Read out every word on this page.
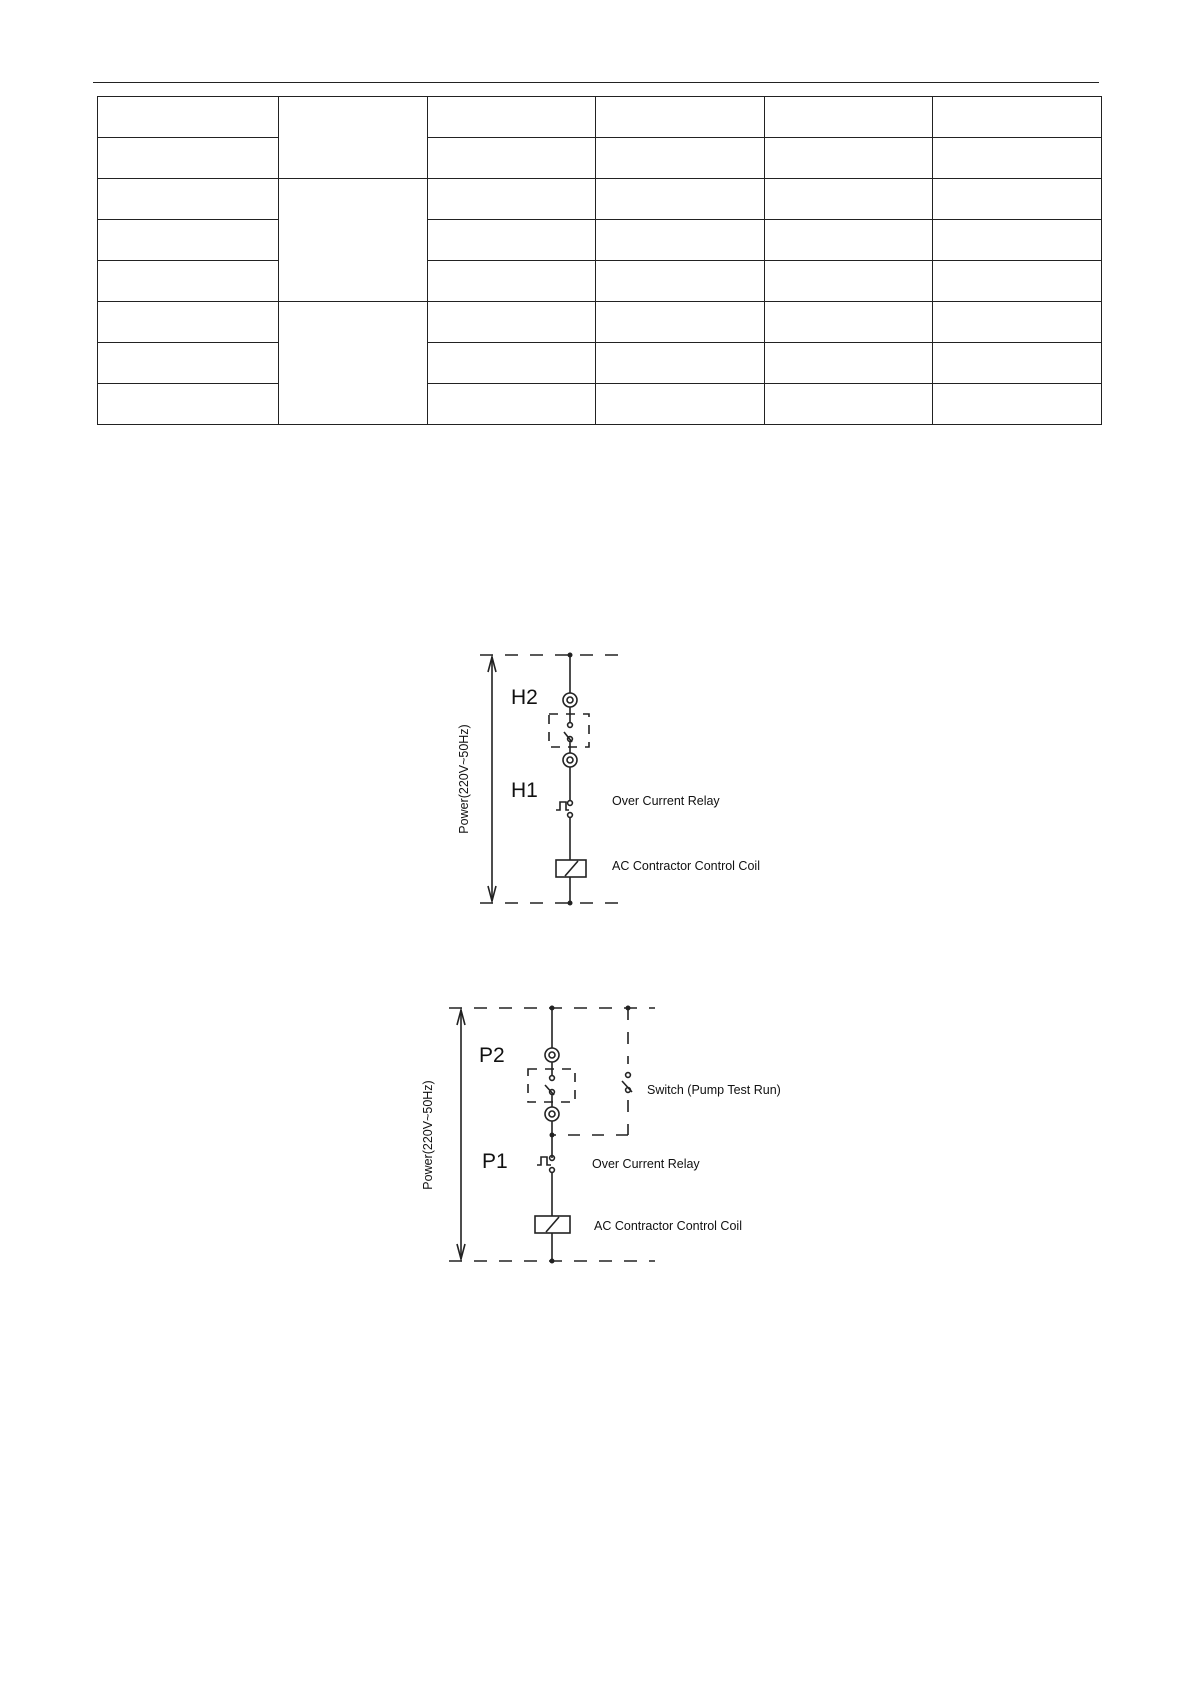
H2
H1	Over Current Relay
AC Contractor Control Coil
Power(220V~50Hz)
P2
P1
Switch (Pump Test Run)
Over Current Relay
AC Contractor Control Coil
Power(220V~50Hz)
